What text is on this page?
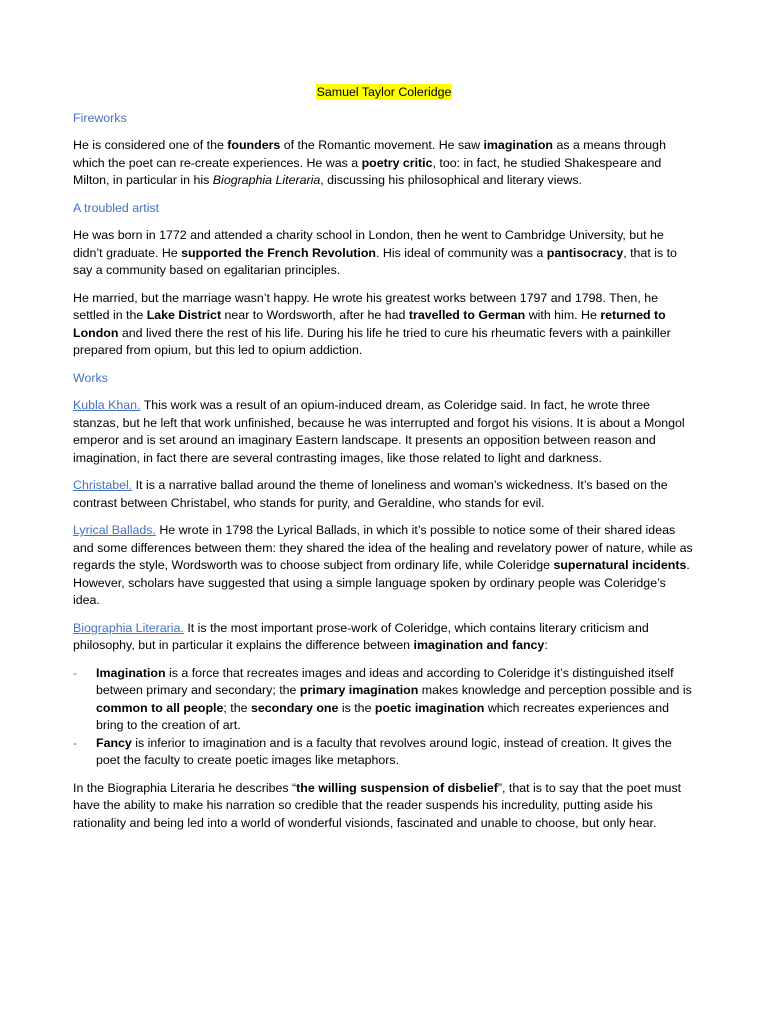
Samuel Taylor Coleridge
Fireworks

He is considered one of the founders of the Romantic movement. He saw imagination as a means through which the poet can re-create experiences. He was a poetry critic, too: in fact, he studied Shakespeare and Milton, in particular in his Biographia Literaria, discussing his philosophical and literary views.

A troubled artist

He was born in 1772 and attended a charity school in London, then he went to Cambridge University, but he didn’t graduate. He supported the French Revolution. His ideal of community was a pantisocracy, that is to say a community based on egalitarian principles.

He married, but the marriage wasn’t happy. He wrote his greatest works between 1797 and 1798. Then, he settled in the Lake District near to Wordsworth, after he had travelled to German with him. He returned to London and lived there the rest of his life. During his life he tried to cure his rheumatic fevers with a painkiller prepared from opium, but this led to opium addiction.

Works

Kubla Khan. This work was a result of an opium-induced dream, as Coleridge said. In fact, he wrote three stanzas, but he left that work unfinished, because he was interrupted and forgot his visions. It is about a Mongol emperor and is set around an imaginary Eastern landscape. It presents an opposition between reason and imagination, in fact there are several contrasting images, like those related to light and darkness.

Christabel. It is a narrative ballad around the theme of loneliness and woman’s wickedness. It’s based on the contrast between Christabel, who stands for purity, and Geraldine, who stands for evil.

Lyrical Ballads. He wrote in 1798 the Lyrical Ballads, in which it’s possible to notice some of their shared ideas and some differences between them: they shared the idea of the healing and revelatory power of nature, while as regards the style, Wordsworth was to choose subject from ordinary life, while Coleridge supernatural incidents. However, scholars have suggested that using a simple language spoken by ordinary people was Coleridge’s idea.

Biographia Literaria. It is the most important prose-work of Coleridge, which contains literary criticism and philosophy, but in particular it explains the difference between imagination and fancy:

- Imagination is a force that recreates images and ideas and according to Coleridge it’s distinguished itself between primary and secondary; the primary imagination makes knowledge and perception possible and is common to all people; the secondary one is the poetic imagination which recreates experiences and bring to the creation of art.
- Fancy is inferior to imagination and is a faculty that revolves around logic, instead of creation. It gives the poet the faculty to create poetic images like metaphors.

In the Biographia Literaria he describes “the willing suspension of disbelief”, that is to say that the poet must have the ability to make his narration so credible that the reader suspends his incredulity, putting aside his rationality and being led into a world of wonderful visionds, fascinated and unable to choose, but only hear.
